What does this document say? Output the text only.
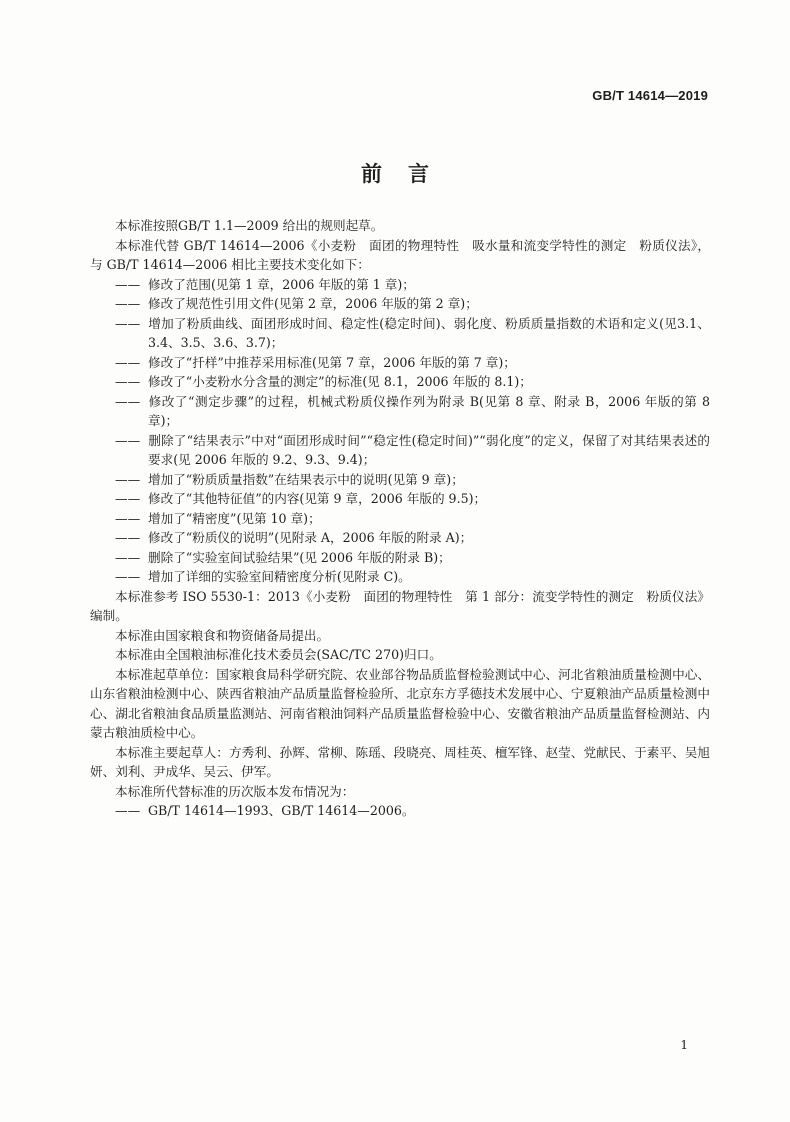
GB/T 14614—2019
前言

本标准按照GB/T 1.1—2009 给出的规则起草。

本标准代替 GB/T 14614—2006《小麦粉　面团的物理特性　吸水量和流变学特性的测定　粉质仪法》，与 GB/T 14614—2006 相比主要技术变化如下：

—— 修改了范围(见第 1 章，2006 年版的第 1 章)；

—— 修改了规范性引用文件(见第 2 章，2006 年版的第 2 章)；

—— 增加了粉质曲线、面团形成时间、稳定性(稳定时间)、弱化度、粉质质量指数的术语和定义(见3.1、3.4、3.5、3.6、3.7)；

—— 修改了“扦样”中推荐采用标准(见第 7 章，2006 年版的第 7 章)；

—— 修改了“小麦粉水分含量的测定”的标准(见 8.1，2006 年版的 8.1)；

—— 修改了“测定步骤”的过程，机械式粉质仪操作列为附录 B(见第 8 章、附录 B，2006 年版的第 8 章)；

—— 删除了“结果表示”中对“面团形成时间”“稳定性(稳定时间)”“弱化度”的定义，保留了对其结果表述的要求(见 2006 年版的 9.2、9.3、9.4)；

—— 增加了“粉质质量指数”在结果表示中的说明(见第 9 章)；

—— 修改了“其他特征值”的内容(见第 9 章，2006 年版的 9.5)；

—— 增加了“精密度”(见第 10 章)；

—— 修改了“粉质仪的说明”(见附录 A，2006 年版的附录 A)；

—— 删除了“实验室间试验结果”(见 2006 年版的附录 B)；

—— 增加了详细的实验室间精密度分析(见附录 C)。

本标准参考 ISO 5530-1：2013《小麦粉　面团的物理特性　第 1 部分：流变学特性的测定　粉质仪法》编制。

本标准由国家粮食和物资储备局提出。

本标准由全国粮油标准化技术委员会(SAC/TC 270)归口。

本标准起草单位：国家粮食局科学研究院、农业部谷物品质监督检验测试中心、河北省粮油质量检测中心、山东省粮油检测中心、陕西省粮油产品质量监督检验所、北京东方孚德技术发展中心、宁夏粮油产品质量检测中心、湖北省粮油食品质量监测站、河南省粮油饲料产品质量监督检验中心、安徽省粮油产品质量监督检测站、内蒙古粮油质检中心。

本标准主要起草人：方秀利、孙辉、常柳、陈瑶、段晓亮、周桂英、檀军锋、赵莹、党献民、于素平、吴旭妍、刘利、尹成华、吴云、伊军。

本标准所代替标准的历次版本发布情况为：

—— GB/T 14614—1993、GB/T 14614—2006。

1
